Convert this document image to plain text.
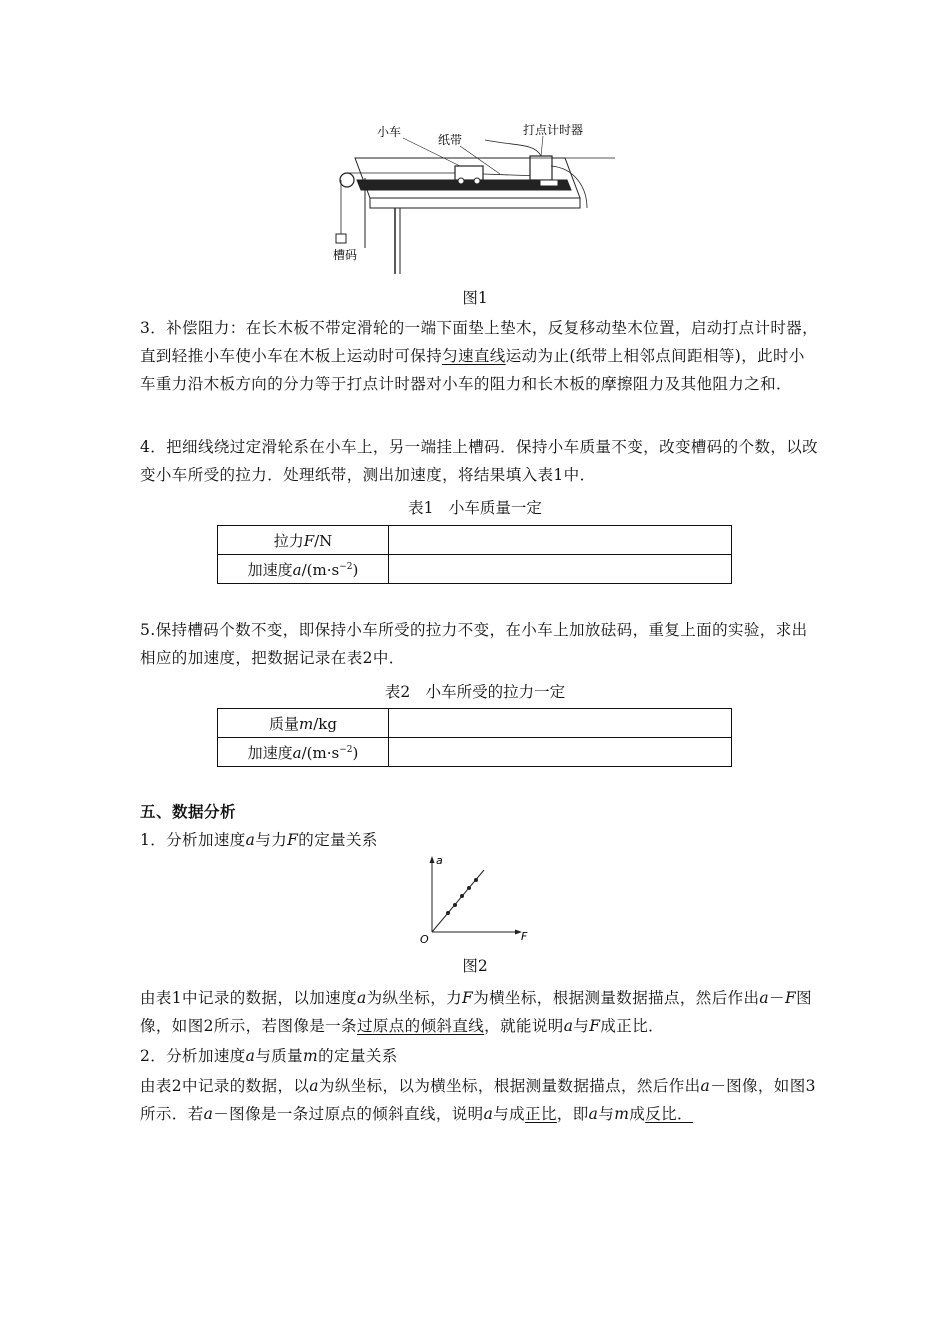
小车
纸带
打点计时器
槽码
图1
3．补偿阻力：在长木板不带定滑轮的一端下面垫上垫木，反复移动垫木位置，启动打点计时器，直到轻推小车使小车在木板上运动时可保持匀速直线运动为止(纸带上相邻点间距相等)，此时小车重力沿木板方向的分力等于打点计时器对小车的阻力和长木板的摩擦阻力及其他阻力之和．
4．把细线绕过定滑轮系在小车上，另一端挂上槽码．保持小车质量不变，改变槽码的个数，以改变小车所受的拉力．处理纸带，测出加速度，将结果填入表1中．
表1　小车质量一定
拉力F/N	
加速度$a/(m\cdot s^{-2})$	
5.保持槽码个数不变，即保持小车所受的拉力不变，在小车上加放砝码，重复上面的实验，求出相应的加速度，把数据记录在表2中．
表2　小车所受的拉力一定
质量m/kg	
加速度$a/(m\cdot s^{-2})$	
五、数据分析
1．分析加速度a与力F的定量关系
a
F
O
图2
由表1中记录的数据，以加速度a为纵坐标，力F为横坐标，根据测量数据描点，然后作出a－F图像，如图2所示，若图像是一条过原点的倾斜直线，就能说明a与F成正比．
2．分析加速度a与质量m的定量关系
由表2中记录的数据，以a为纵坐标，以为横坐标，根据测量数据描点，然后作出a－图像，如图3所示．若a－图像是一条过原点的倾斜直线，说明a与成正比，即a与m成反比．
